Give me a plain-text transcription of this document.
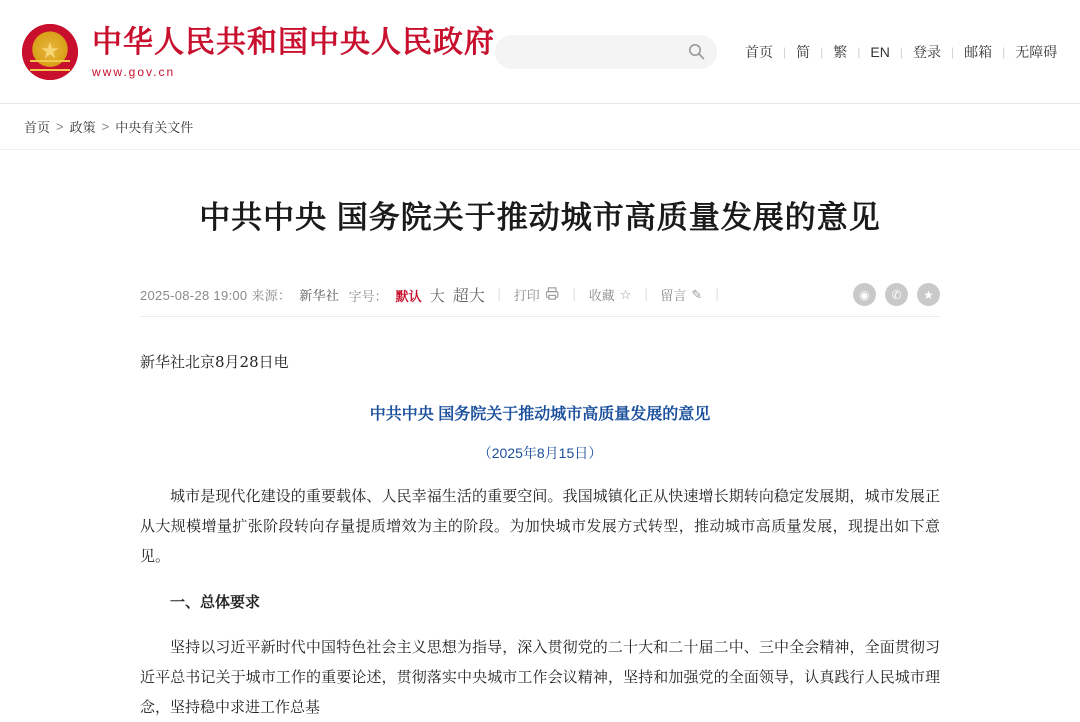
★
中华人民共和国中央人民政府
www.gov.cn
首页 | 简 | 繁 | EN | 登录 | 邮箱 | 无障碍
首页 > 政策 > 中央有关文件
中共中央 国务院关于推动城市高质量发展的意见
2025-08-28 19:00 来源： 新华社 字号： 默认 大 超大 打印	收藏 ☆ 留言 ✎	◉	✆	★
新华社北京8月28日电
中共中央 国务院关于推动城市高质量发展的意见
（2025年8月15日）

城市是现代化建设的重要载体、人民幸福生活的重要空间。我国城镇化正从快速增长期转向稳定发展期，城市发展正从大规模增量扩张阶段转向存量提质增效为主的阶段。为加快城市发展方式转型，推动城市高质量发展，现提出如下意见。

一、总体要求

坚持以习近平新时代中国特色社会主义思想为指导，深入贯彻党的二十大和二十届二中、三中全会精神，全面贯彻习近平总书记关于城市工作的重要论述，贯彻落实中央城市工作会议精神，坚持和加强党的全面领导，认真践行人民城市理念，坚持稳中求进工作总基
